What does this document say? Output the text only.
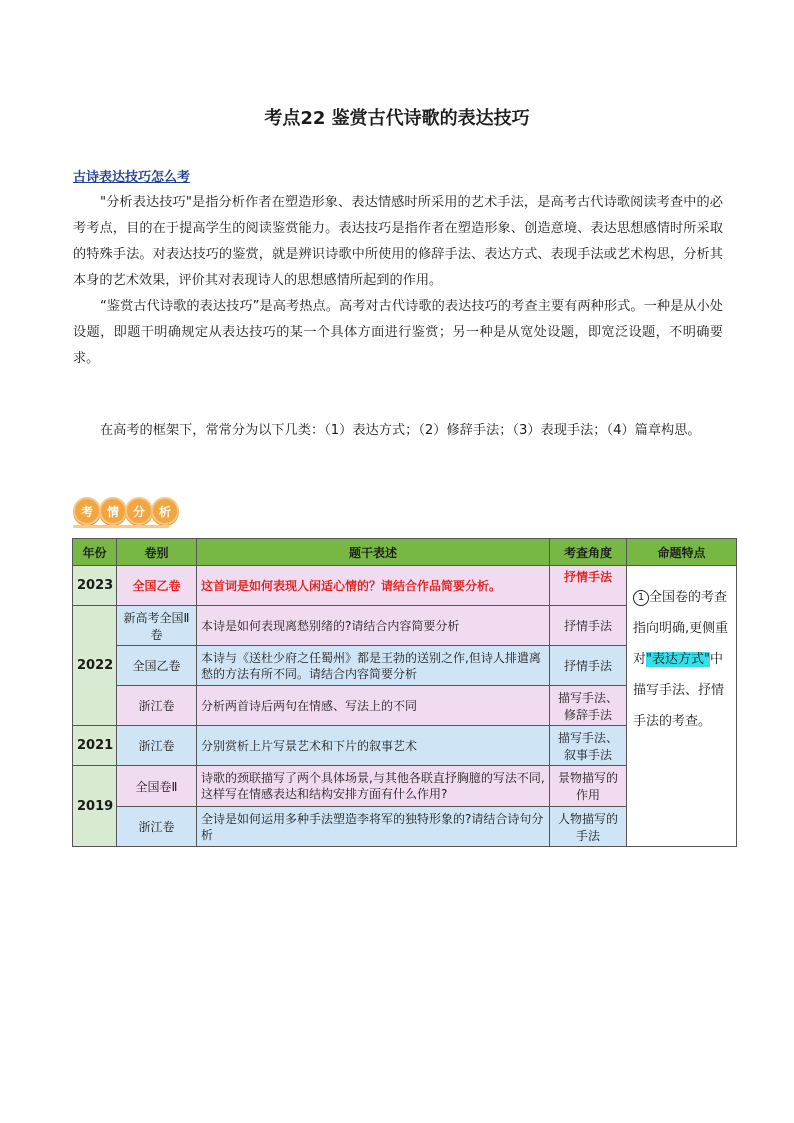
考点22 鉴赏古代诗歌的表达技巧
古诗表达技巧怎么考

"分析表达技巧"是指分析作者在塑造形象、表达情感时所采用的艺术手法，是高考古代诗歌阅读考查中的必考考点，目的在于提高学生的阅读鉴赏能力。表达技巧是指作者在塑造形象、创造意境、表达思想感情时所采取的特殊手法。对表达技巧的鉴赏，就是辨识诗歌中所使用的修辞手法、表达方式、表现手法或艺术构思，分析其本身的艺术效果，评价其对表现诗人的思想感情所起到的作用。

“鉴赏古代诗歌的表达技巧”是高考热点。高考对古代诗歌的表达技巧的考查主要有两种形式。一种是从小处设题，即题干明确规定从表达技巧的某一个具体方面进行鉴赏；另一种是从宽处设题，即宽泛设题，不明确要求。

在高考的框架下，常常分为以下几类：（1）表达方式；（2）修辞手法；（3）表现手法；（4）篇章构思。

考	情	分	析
年份	卷别	题干表述	考查角度	命题特点
2023	全国乙卷	这首词是如何表现人闲适心情的？请结合作品简要分析。	抒情手法	1 全国卷的考查指向明确,更侧重对"表达方式"中描写手法、抒情手法的考查。
2022	新高考全国Ⅱ卷	本诗是如何表现离愁别绪的?请结合内容简要分析	抒情手法	
	全国乙卷	本诗与《送杜少府之任蜀州》都是王勃的送别之作,但诗人排遣离愁的方法有所不同。请结合内容简要分析	抒情手法	
	浙江卷	分析两首诗后两句在情感、写法上的不同	描写手法、修辞手法	
2021	浙江卷	分别赏析上片写景艺术和下片的叙事艺术	描写手法、叙事手法	
2019	全国卷Ⅱ	诗歌的颈联描写了两个具体场景,与其他各联直抒胸臆的写法不同,这样写在情感表达和结构安排方面有什么作用?	景物描写的作用	
	浙江卷	全诗是如何运用多种手法塑造李将军的独特形象的?请结合诗句分析	人物描写的手法	
